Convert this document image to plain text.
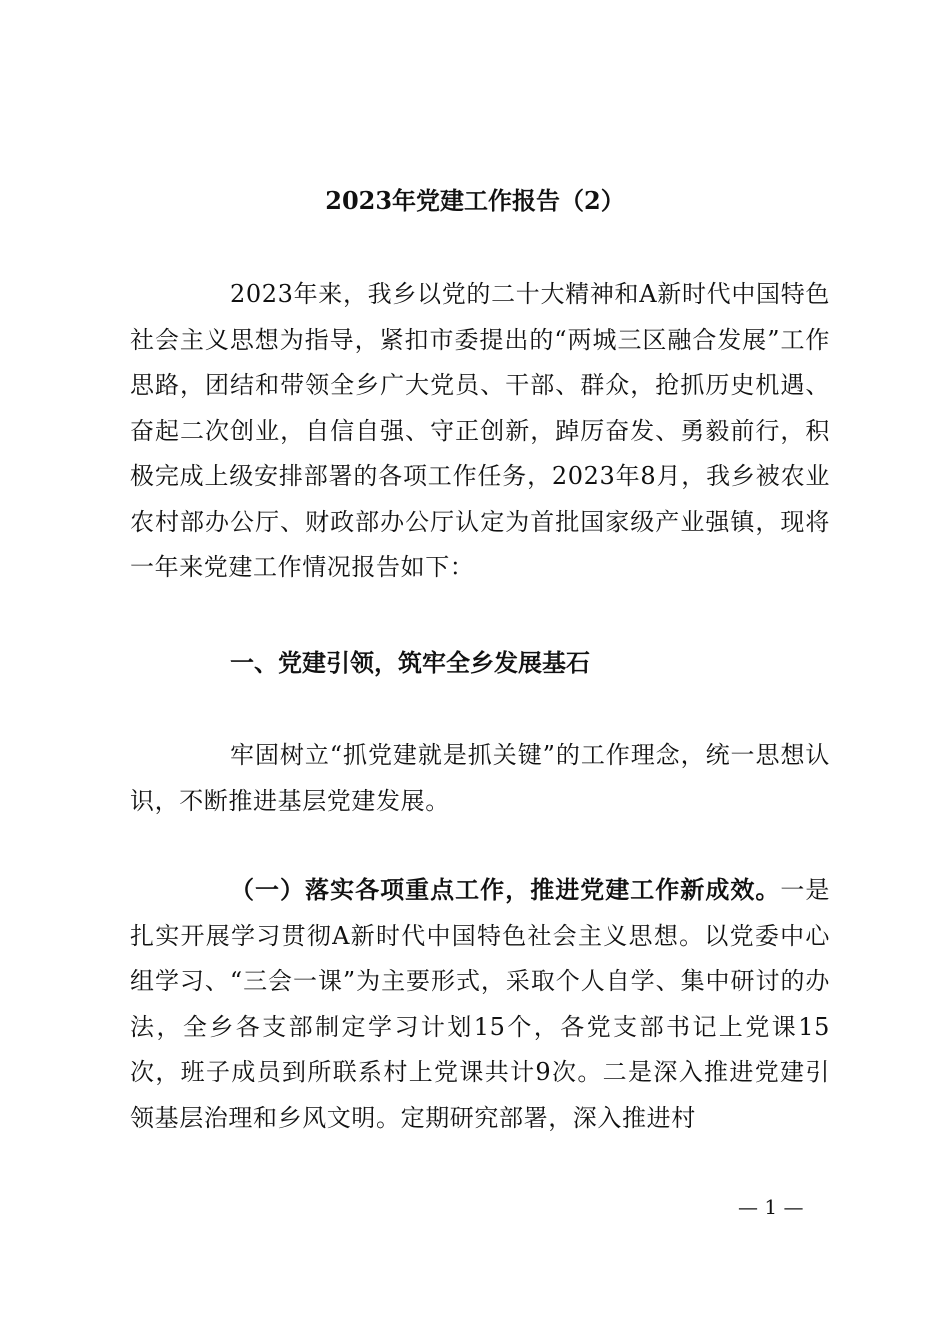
2023年党建工作报告（2）
2023年来，我乡以党的二十大精神和A新时代中国特色社会主义思想为指导，紧扣市委提出的“两城三区融合发展”工作思路，团结和带领全乡广大党员、干部、群众，抢抓历史机遇、奋起二次创业，自信自强、守正创新，踔厉奋发、勇毅前行，积极完成上级安排部署的各项工作任务，2023年8月，我乡被农业农村部办公厅、财政部办公厅认定为首批国家级产业强镇，现将一年来党建工作情况报告如下：
一、党建引领，筑牢全乡发展基石
牢固树立“抓党建就是抓关键”的工作理念，统一思想认识，不断推进基层党建发展。
（一）落实各项重点工作，推进党建工作新成效。一是扎实开展学习贯彻A新时代中国特色社会主义思想。以党委中心组学习、“三会一课”为主要形式，采取个人自学、集中研讨的办法，全乡各支部制定学习计划15个，各党支部书记上党课15次，班子成员到所联系村上党课共计9次。二是深入推进党建引领基层治理和乡风文明。定期研究部署，深入推进村
— 1 —
